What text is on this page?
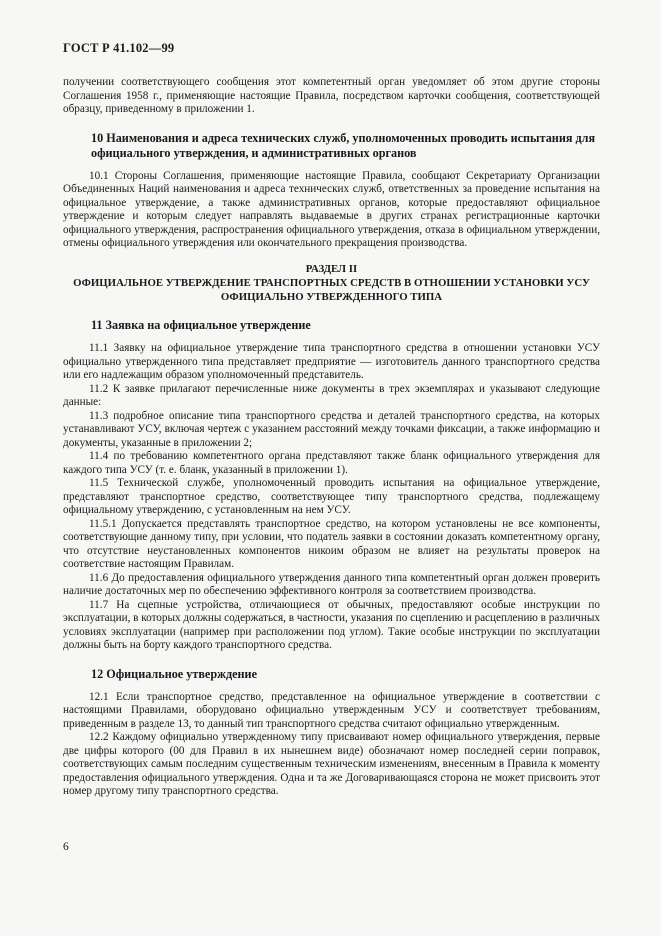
ГОСТ Р 41.102—99

получении соответствующего сообщения этот компетентный орган уведомляет об этом другие стороны Соглашения 1958 г., применяющие настоящие Правила, посредством карточки сообщения, соответствующей образцу, приведенному в приложении 1.

10 Наименования и адреса технических служб, уполномоченных проводить испытания для официального утверждения, и административных органов

10.1 Стороны Соглашения, применяющие настоящие Правила, сообщают Секретариату Организации Объединенных Наций наименования и адреса технических служб, ответственных за проведение испытания на официальное утверждение, а также административных органов, которые предоставляют официальное утверждение и которым следует направлять выдаваемые в других странах регистрационные карточки официального утверждения, распространения официального утверждения, отказа в официальном утверждении, отмены официального утверждения или окончательного прекращения производства.

РАЗДЕЛ II
ОФИЦИАЛЬНОЕ УТВЕРЖДЕНИЕ ТРАНСПОРТНЫХ СРЕДСТВ В ОТНОШЕНИИ УСТАНОВКИ УСУ ОФИЦИАЛЬНО УТВЕРЖДЕННОГО ТИПА
11 Заявка на официальное утверждение

11.1 Заявку на официальное утверждение типа транспортного средства в отношении установки УСУ официально утвержденного типа представляет предприятие — изготовитель данного транспортного средства или его надлежащим образом уполномоченный представитель.

11.2 К заявке прилагают перечисленные ниже документы в трех экземплярах и указывают следующие данные:

11.3 подробное описание типа транспортного средства и деталей транспортного средства, на которых устанавливают УСУ, включая чертеж с указанием расстояний между точками фиксации, а также информацию и документы, указанные в приложении 2;

11.4 по требованию компетентного органа представляют также бланк официального утверждения для каждого типа УСУ (т. е. бланк, указанный в приложении 1).

11.5 Технической службе, уполномоченный проводить испытания на официальное утверждение, представляют транспортное средство, соответствующее типу транспортного средства, подлежащему официальному утверждению, с установленным на нем УСУ.

11.5.1 Допускается представлять транспортное средство, на котором установлены не все компоненты, соответствующие данному типу, при условии, что податель заявки в состоянии доказать компетентному органу, что отсутствие неустановленных компонентов никоим образом не влияет на результаты проверок на соответствие настоящим Правилам.

11.6 До предоставления официального утверждения данного типа компетентный орган должен проверить наличие достаточных мер по обеспечению эффективного контроля за соответствием производства.

11.7 На сцепные устройства, отличающиеся от обычных, предоставляют особые инструкции по эксплуатации, в которых должны содержаться, в частности, указания по сцеплению и расцеплению в различных условиях эксплуатации (например при расположении под углом). Такие особые инструкции по эксплуатации должны быть на борту каждого транспортного средства.

12 Официальное утверждение

12.1 Если транспортное средство, представленное на официальное утверждение в соответствии с настоящими Правилами, оборудовано официально утвержденным УСУ и соответствует требованиям, приведенным в разделе 13, то данный тип транспортного средства считают официально утвержденным.

12.2 Каждому официально утвержденному типу присваивают номер официального утверждения, первые две цифры которого (00 для Правил в их нынешнем виде) обозначают номер последней серии поправок, соответствующих самым последним существенным техническим изменениям, внесенным в Правила к моменту предоставления официального утверждения. Одна и та же Договаривающаяся сторона не может присвоить этот номер другому типу транспортного средства.

6
